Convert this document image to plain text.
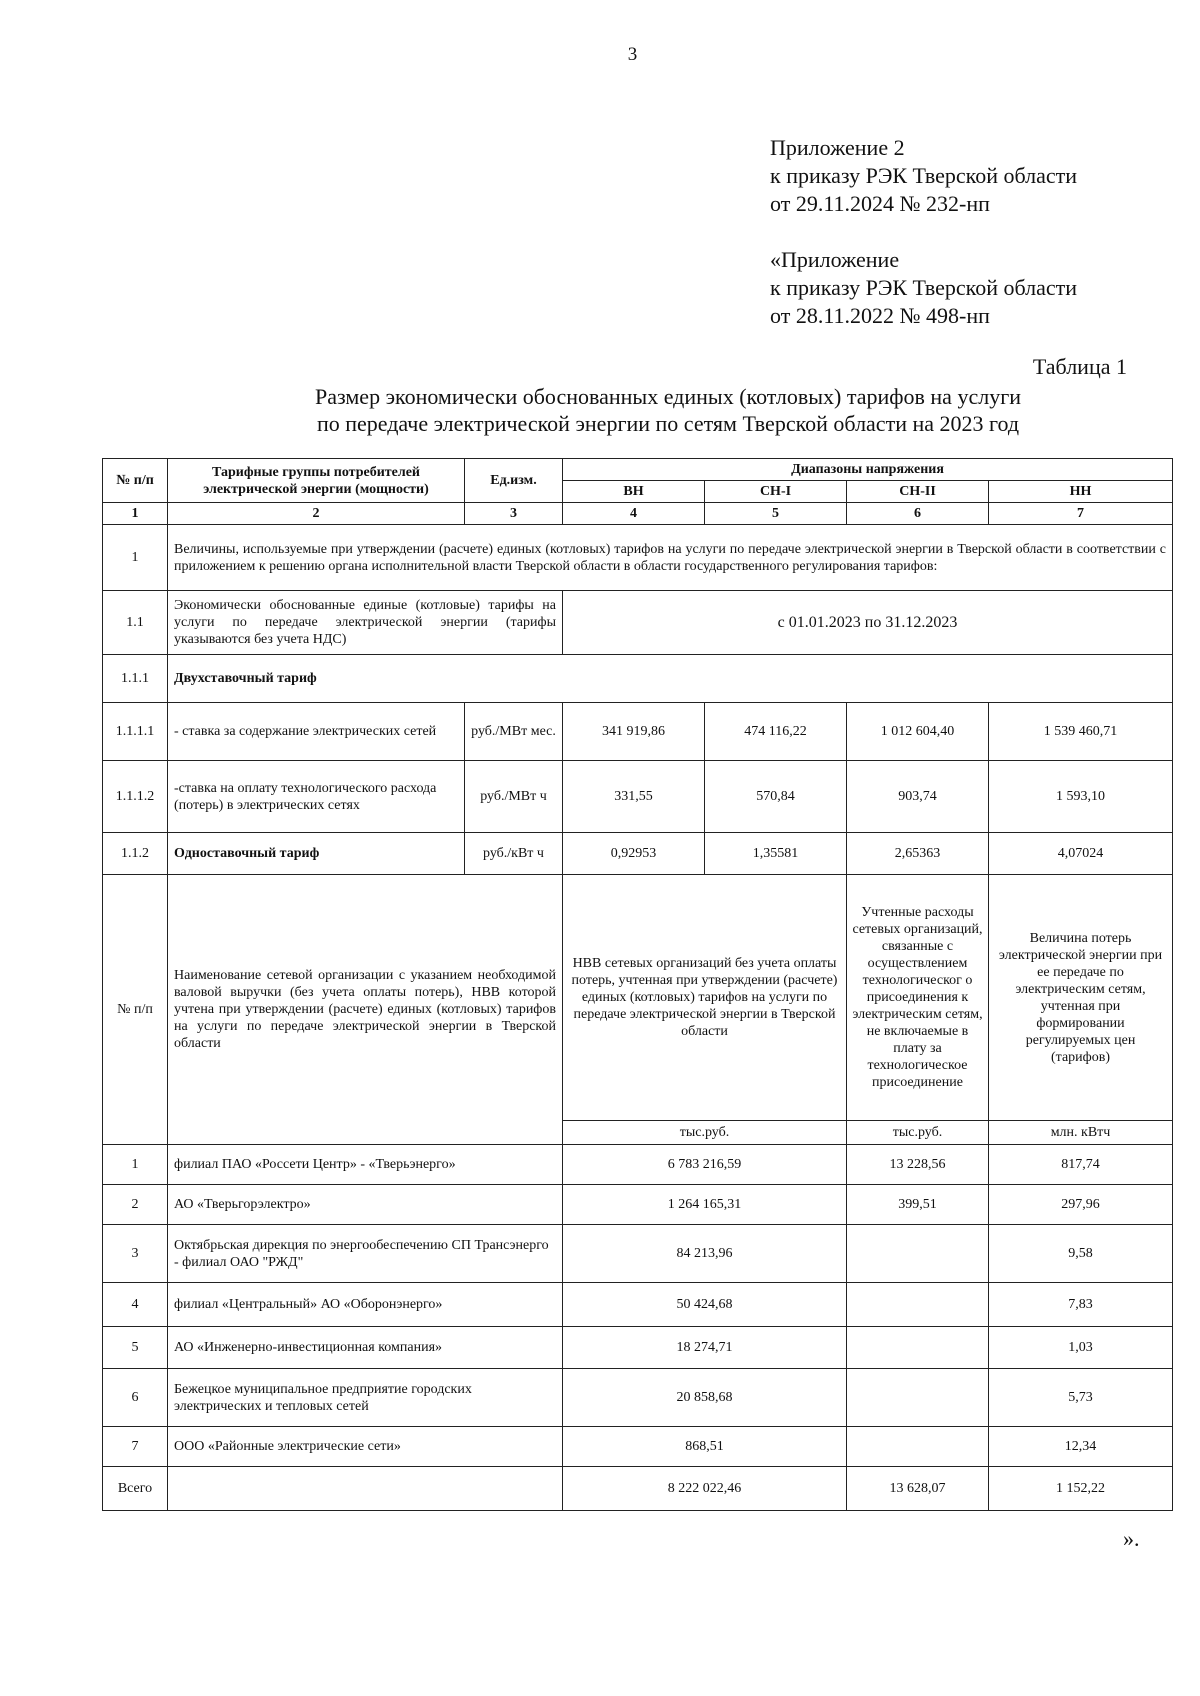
3
Приложение 2
к приказу РЭК Тверской области
от 29.11.2024 № 232-нп
«Приложение
к приказу РЭК Тверской области
от 28.11.2022 № 498-нп
Таблица 1
Размер экономически обоснованных единых (котловых) тарифов на услуги
по передаче электрической энергии по сетям Тверской области на 2023 год
№ п/п	Тарифные группы потребителей электрической энергии (мощности)	Ед.изм.	Диапазоны напряжения			
			ВН	СН-I	СН-II	НН
1	2	3	4	5	6	7
1	Величины, используемые при утверждении (расчете) единых (котловых) тарифов на услуги по передаче электрической энергии в Тверской области в соответствии с приложением к решению органа исполнительной власти Тверской области в области государственного регулирования тарифов:					
1.1	Экономически обоснованные единые (котловые) тарифы на услуги по передаче электрической энергии (тарифы указываются без учета НДС)		с 01.01.2023 по 31.12.2023			
1.1.1	Двухставочный тариф					
1.1.1.1	- ставка за содержание электрических сетей	руб./МВт мес.	341 919,86	474 116,22	1 012 604,40	1 539 460,71
1.1.1.2	-ставка на оплату технологического расхода (потерь) в электрических сетях	руб./МВт ч	331,55	570,84	903,74	1 593,10
1.1.2	Одноставочный тариф	руб./кВт ч	0,92953	1,35581	2,65363	4,07024
№ п/п	Наименование сетевой организации с указанием необходимой валовой выручки (без учета оплаты потерь), НВВ которой учтена при утверждении (расчете) единых (котловых) тарифов на услуги по передаче электрической энергии в Тверской области		НВВ сетевых организаций без учета оплаты потерь, учтенная при утверждении (расчете) единых (котловых) тарифов на услуги по передаче электрической энергии в Тверской области		Учтенные расходы сетевых организаций, связанные с осуществлением технологическог о присоединения к электрическим сетям, не включаемые в плату за технологическое присоединение	Величина потерь электрической энергии при ее передаче по электрическим сетям, учтенная при формировании регулируемых цен (тарифов)
			тыс.руб.		тыс.руб.	млн. кВтч
1	филиал ПАО «Россети Центр» - «Тверьэнерго»		6 783 216,59		13 228,56	817,74
2	АО «Тверьгорэлектро»		1 264 165,31		399,51	297,96
3	Октябрьская дирекция по энергообеспечению СП Трансэнерго - филиал ОАО "РЖД"		84 213,96			9,58
4	филиал «Центральный» АО «Оборонэнерго»		50 424,68			7,83
5	АО «Инженерно-инвестиционная компания»		18 274,71			1,03
6	Бежецкое муниципальное предприятие городских электрических и тепловых сетей		20 858,68			5,73
7	ООО «Районные электрические сети»		868,51			12,34
Всего			8 222 022,46		13 628,07	1 152,22
».
